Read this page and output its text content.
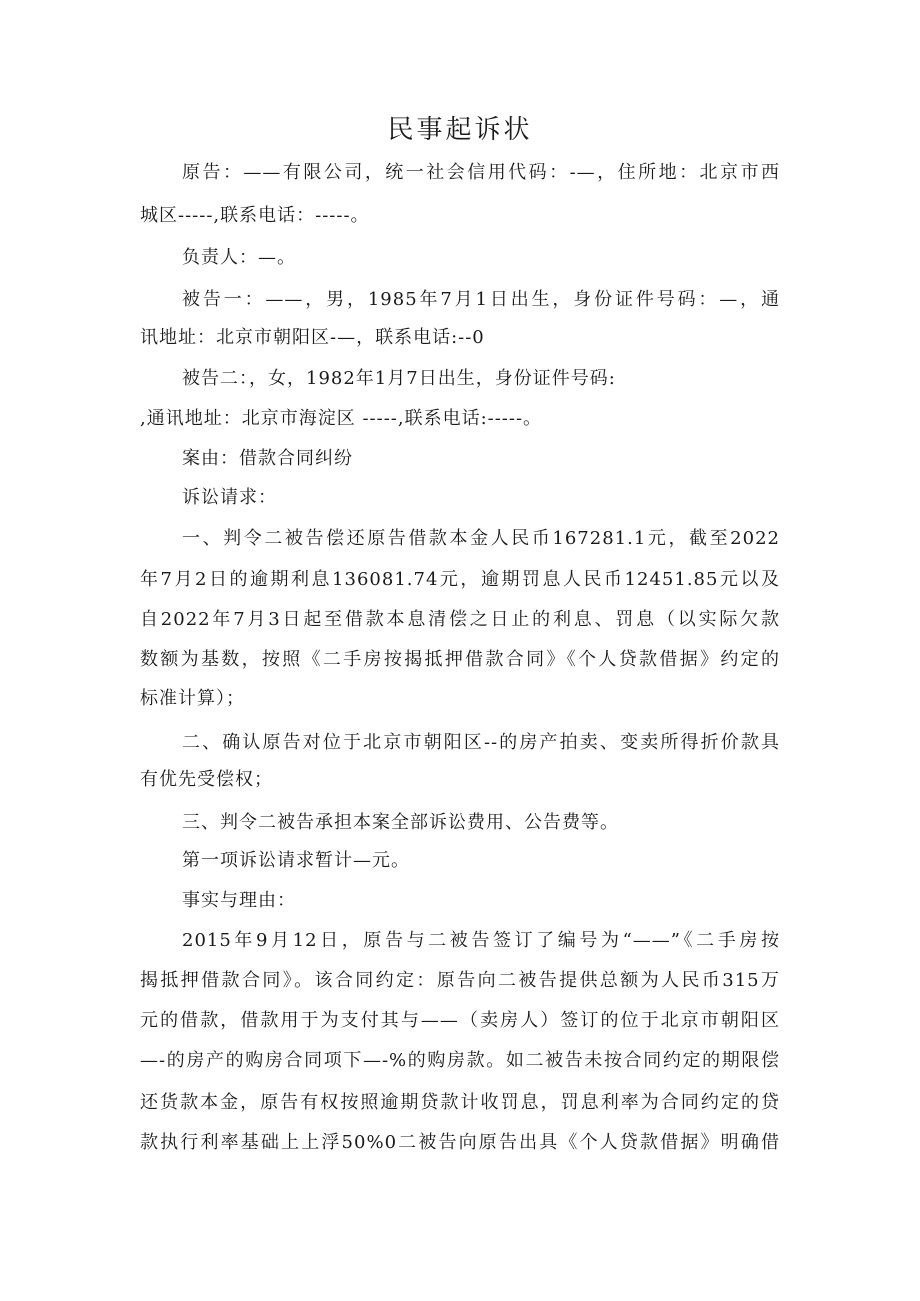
民事起诉状
原告：——有限公司，统一社会信用代码：-—，住所地：北京市西
城区-----,联系电话：-----。
负责人：—。
被告一：——，男，1985年7月1日出生，身份证件号码：—，通
讯地址：北京市朝阳区-—，联系电话:--0
被告二：，女，1982年1月7日出生，身份证件号码:
,通讯地址：北京市海淀区 -----,联系电话:-----。
案由：借款合同纠纷
诉讼请求：
一、判令二被告偿还原告借款本金人民币167281.1元，截至2022
年7月2日的逾期利息136081.74元，逾期罚息人民币12451.85元以及
自2022年7月3日起至借款本息清偿之日止的利息、罚息（以实际欠款
数额为基数，按照《二手房按揭抵押借款合同》《个人贷款借据》约定的
标准计算）；
二、确认原告对位于北京市朝阳区--的房产拍卖、变卖所得折价款具
有优先受偿权；
三、判令二被告承担本案全部诉讼费用、公告费等。
第一项诉讼请求暂计—元。
事实与理由：
2015年9月12日，原告与二被告签订了编号为“——”《二手房按
揭抵押借款合同》。该合同约定：原告向二被告提供总额为人民币315万
元的借款，借款用于为支付其与——（卖房人）签订的位于北京市朝阳区
—-的房产的购房合同项下—-%的购房款。如二被告未按合同约定的期限偿
还货款本金，原告有权按照逾期贷款计收罚息，罚息利率为合同约定的贷
款执行利率基础上上浮50%0二被告向原告出具《个人贷款借据》明确借
